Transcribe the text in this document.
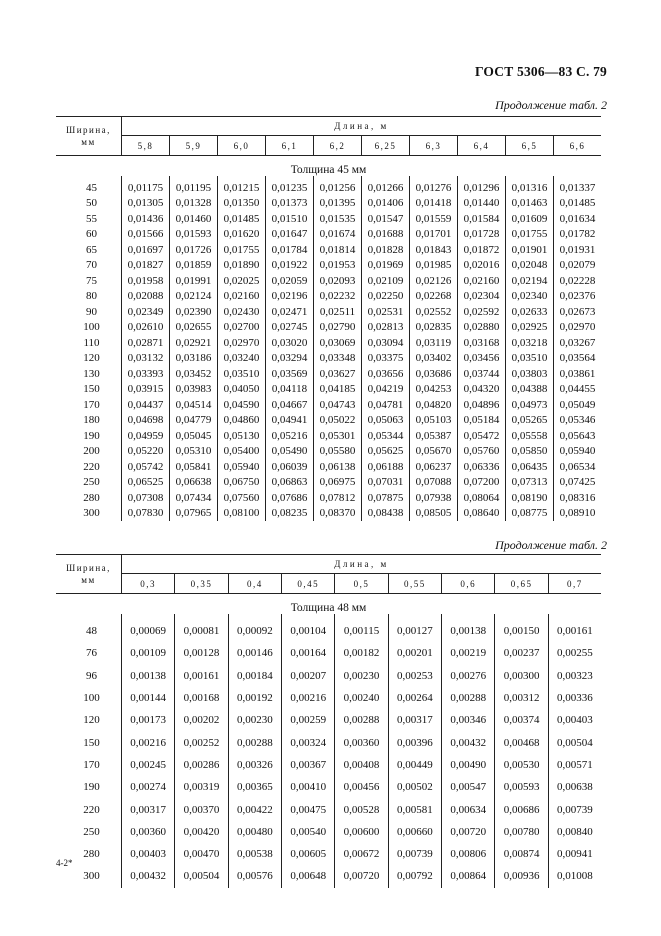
ГОСТ 5306—83 С. 79
Продолжение табл. 2
Ширина,
мм	Длина, м									
	5,8	5,9	6,0	6,1	6,2	6,25	6,3	6,4	6,5	6,6
Толщина 45 мм										
45	0,01175	0,01195	0,01215	0,01235	0,01256	0,01266	0,01276	0,01296	0,01316	0,01337
50	0,01305	0,01328	0,01350	0,01373	0,01395	0,01406	0,01418	0,01440	0,01463	0,01485
55	0,01436	0,01460	0,01485	0,01510	0,01535	0,01547	0,01559	0,01584	0,01609	0,01634
60	0,01566	0,01593	0,01620	0,01647	0,01674	0,01688	0,01701	0,01728	0,01755	0,01782
65	0,01697	0,01726	0,01755	0,01784	0,01814	0,01828	0,01843	0,01872	0,01901	0,01931
70	0,01827	0,01859	0,01890	0,01922	0,01953	0,01969	0,01985	0,02016	0,02048	0,02079
75	0,01958	0,01991	0,02025	0,02059	0,02093	0,02109	0,02126	0,02160	0,02194	0,02228
80	0,02088	0,02124	0,02160	0,02196	0,02232	0,02250	0,02268	0,02304	0,02340	0,02376
90	0,02349	0,02390	0,02430	0,02471	0,02511	0,02531	0,02552	0,02592	0,02633	0,02673
100	0,02610	0,02655	0,02700	0,02745	0,02790	0,02813	0,02835	0,02880	0,02925	0,02970
110	0,02871	0,02921	0,02970	0,03020	0,03069	0,03094	0,03119	0,03168	0,03218	0,03267
120	0,03132	0,03186	0,03240	0,03294	0,03348	0,03375	0,03402	0,03456	0,03510	0,03564
130	0,03393	0,03452	0,03510	0,03569	0,03627	0,03656	0,03686	0,03744	0,03803	0,03861
150	0,03915	0,03983	0,04050	0,04118	0,04185	0,04219	0,04253	0,04320	0,04388	0,04455
170	0,04437	0,04514	0,04590	0,04667	0,04743	0,04781	0,04820	0,04896	0,04973	0,05049
180	0,04698	0,04779	0,04860	0,04941	0,05022	0,05063	0,05103	0,05184	0,05265	0,05346
190	0,04959	0,05045	0,05130	0,05216	0,05301	0,05344	0,05387	0,05472	0,05558	0,05643
200	0,05220	0,05310	0,05400	0,05490	0,05580	0,05625	0,05670	0,05760	0,05850	0,05940
220	0,05742	0,05841	0,05940	0,06039	0,06138	0,06188	0,06237	0,06336	0,06435	0,06534
250	0,06525	0,06638	0,06750	0,06863	0,06975	0,07031	0,07088	0,07200	0,07313	0,07425
280	0,07308	0,07434	0,07560	0,07686	0,07812	0,07875	0,07938	0,08064	0,08190	0,08316
300	0,07830	0,07965	0,08100	0,08235	0,08370	0,08438	0,08505	0,08640	0,08775	0,08910
Продолжение табл. 2
Ширина,
мм	Длина, м								
	0,3	0,35	0,4	0,45	0,5	0,55	0,6	0,65	0,7
Толщина 48 мм									
48	0,00069	0,00081	0,00092	0,00104	0,00115	0,00127	0,00138	0,00150	0,00161
76	0,00109	0,00128	0,00146	0,00164	0,00182	0,00201	0,00219	0,00237	0,00255
96	0,00138	0,00161	0,00184	0,00207	0,00230	0,00253	0,00276	0,00300	0,00323
100	0,00144	0,00168	0,00192	0,00216	0,00240	0,00264	0,00288	0,00312	0,00336
120	0,00173	0,00202	0,00230	0,00259	0,00288	0,00317	0,00346	0,00374	0,00403
150	0,00216	0,00252	0,00288	0,00324	0,00360	0,00396	0,00432	0,00468	0,00504
170	0,00245	0,00286	0,00326	0,00367	0,00408	0,00449	0,00490	0,00530	0,00571
190	0,00274	0,00319	0,00365	0,00410	0,00456	0,00502	0,00547	0,00593	0,00638
220	0,00317	0,00370	0,00422	0,00475	0,00528	0,00581	0,00634	0,00686	0,00739
250	0,00360	0,00420	0,00480	0,00540	0,00600	0,00660	0,00720	0,00780	0,00840
280	0,00403	0,00470	0,00538	0,00605	0,00672	0,00739	0,00806	0,00874	0,00941
300	0,00432	0,00504	0,00576	0,00648	0,00720	0,00792	0,00864	0,00936	0,01008
4-2*
